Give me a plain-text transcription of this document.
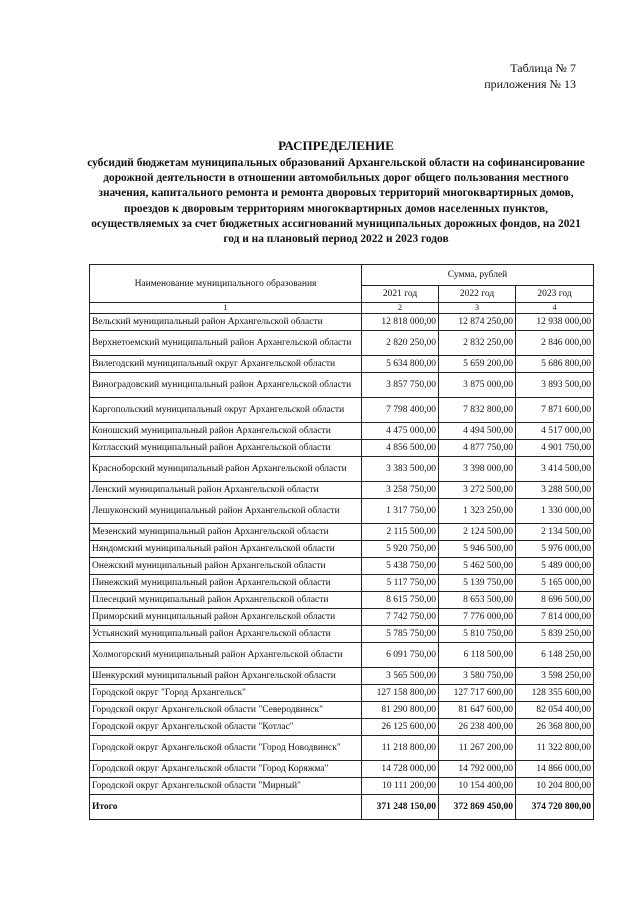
Таблица № 7
приложения № 13
РАСПРЕДЕЛЕНИЕ
субсидий бюджетам муниципальных образований Архангельской области на софинансирование дорожной деятельности в отношении автомобильных дорог общего пользования местного значения, капитального ремонта и ремонта дворовых территорий многоквартирных домов, проездов к дворовым территориям многоквартирных домов населенных пунктов, осуществляемых за счет бюджетных ассигнований муниципальных дорожных фондов, на 2021 год и на плановый период 2022 и 2023 годов
Наименование муниципального образования	Сумма, рублей		
	2021 год	2022 год	2023 год
1	2	3	4
Вельский муниципальный район Архангельской области	12 818 000,00	12 874 250,00	12 938 000,00
Верхнетоемский муниципальный район Архангельской области	2 820 250,00	2 832 250,00	2 846 000,00
Вилегодский муниципальный округ Архангельской области	5 634 800,00	5 659 200,00	5 686 800,00
Виноградовский муниципальный район Архангельской области	3 857 750,00	3 875 000,00	3 893 500,00
Каргопольский муниципальный округ Архангельской области	7 798 400,00	7 832 800,00	7 871 600,00
Коношский муниципальный район Архангельской области	4 475 000,00	4 494 500,00	4 517 000,00
Котласский муниципальный район Архангельской области	4 856 500,00	4 877 750,00	4 901 750,00
Красноборский муниципальный район Архангельской области	3 383 500,00	3 398 000,00	3 414 500,00
Ленский муниципальный район Архангельской области	3 258 750,00	3 272 500,00	3 288 500,00
Лешуконский муниципальный район Архангельской области	1 317 750,00	1 323 250,00	1 330 000,00
Мезенский муниципальный район Архангельской области	2 115 500,00	2 124 500,00	2 134 500,00
Няндомский муниципальный район Архангельской области	5 920 750,00	5 946 500,00	5 976 000,00
Онежский муниципальный район Архангельской области	5 438 750,00	5 462 500,00	5 489 000,00
Пинежский муниципальный район Архангельской области	5 117 750,00	5 139 750,00	5 165 000,00
Плесецкий муниципальный район Архангельской области	8 615 750,00	8 653 500,00	8 696 500,00
Приморский муниципальный район Архангельской области	7 742 750,00	7 776 000,00	7 814 000,00
Устьянский муниципальный район Архангельской области	5 785 750,00	5 810 750,00	5 839 250,00
Холмогорский муниципальный район Архангельской области	6 091 750,00	6 118 500,00	6 148 250,00
Шенкурский муниципальный район Архангельской области	3 565 500,00	3 580 750,00	3 598 250,00
Городской округ "Город Архангельск"	127 158 800,00	127 717 600,00	128 355 600,00
Городской округ Архангельской области "Северодвинск"	81 290 800,00	81 647 600,00	82 054 400,00
Городской округ Архангельской области "Котлас"	26 125 600,00	26 238 400,00	26 368 800,00
Городской округ Архангельской области "Город Новодвинск"	11 218 800,00	11 267 200,00	11 322 800,00
Городской округ Архангельской области "Город Коряжма"	14 728 000,00	14 792 000,00	14 866 000,00
Городской округ Архангельской области "Мирный"	10 111 200,00	10 154 400,00	10 204 800,00
Итого	371 248 150,00	372 869 450,00	374 720 800,00
